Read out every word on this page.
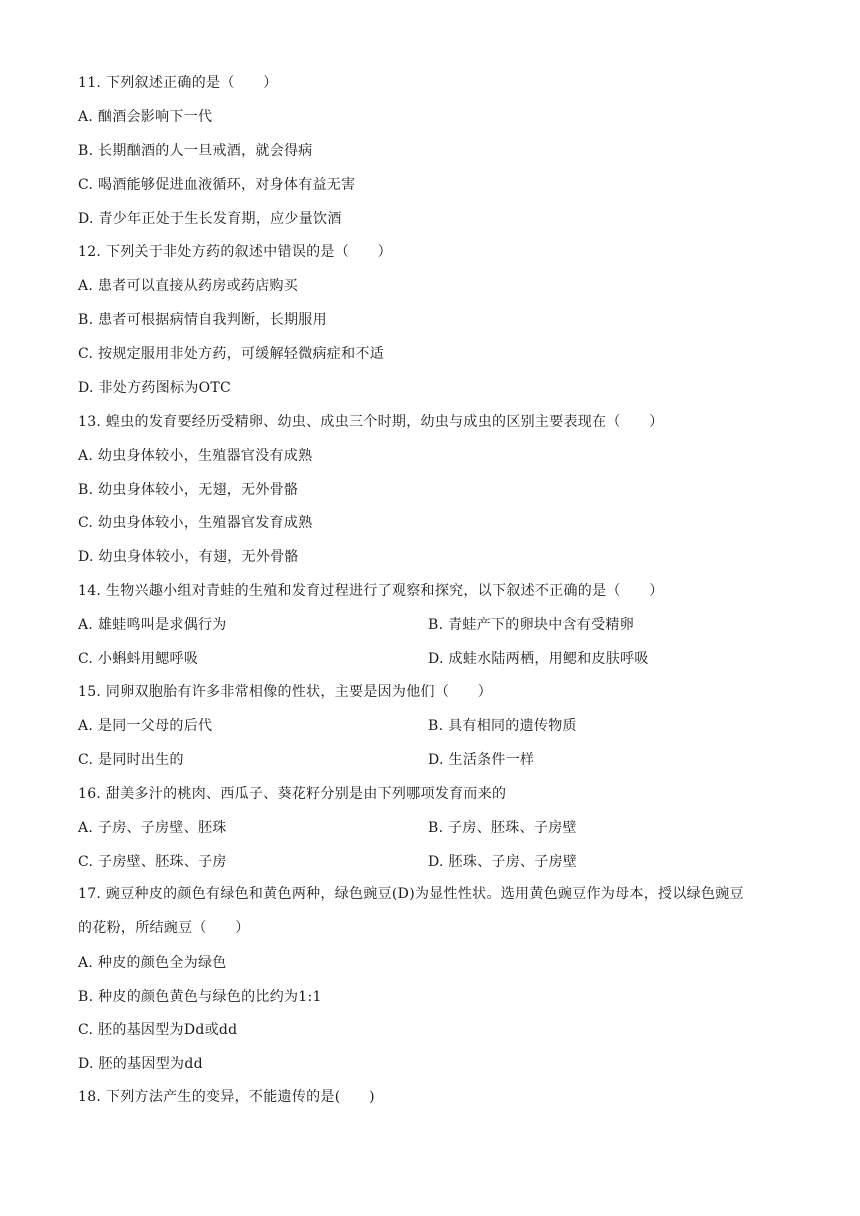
11. 下列叙述正确的是（　　）
A. 酗酒会影响下一代
B. 长期酗酒的人一旦戒酒，就会得病
C. 喝酒能够促进血液循环，对身体有益无害
D. 青少年正处于生长发育期，应少量饮酒
12. 下列关于非处方药的叙述中错误的是（　　）
A. 患者可以直接从药房或药店购买
B. 患者可根据病情自我判断，长期服用
C. 按规定服用非处方药，可缓解轻微病症和不适
D. 非处方药图标为OTC
13. 蝗虫的发育要经历受精卵、幼虫、成虫三个时期，幼虫与成虫的区别主要表现在（　　）
A. 幼虫身体较小，生殖器官没有成熟
B. 幼虫身体较小，无翅，无外骨骼
C. 幼虫身体较小，生殖器官发育成熟
D. 幼虫身体较小，有翅，无外骨骼
14. 生物兴趣小组对青蛙的生殖和发育过程进行了观察和探究，以下叙述不正确的是（　　）
A. 雄蛙鸣叫是求偶行为	B. 青蛙产下的卵块中含有受精卵
C. 小蝌蚪用鳃呼吸	D. 成蛙水陆两栖，用鳃和皮肤呼吸
15. 同卵双胞胎有许多非常相像的性状，主要是因为他们（　　）
A. 是同一父母的后代	B. 具有相同的遗传物质
C. 是同时出生的	D. 生活条件一样
16. 甜美多汁的桃肉、西瓜子、葵花籽分别是由下列哪项发育而来的
A. 子房、子房壁、胚珠	B. 子房、胚珠、子房壁
C. 子房壁、胚珠、子房	D. 胚珠、子房、子房壁
17. 豌豆种皮的颜色有绿色和黄色两种，绿色豌豆(D)为显性性状。选用黄色豌豆作为母本，授以绿色豌豆
的花粉，所结豌豆（　　）
A. 种皮的颜色全为绿色
B. 种皮的颜色黄色与绿色的比约为1:1
C. 胚的基因型为Dd或dd
D. 胚的基因型为dd
18. 下列方法产生的变异，不能遗传的是(　　)
